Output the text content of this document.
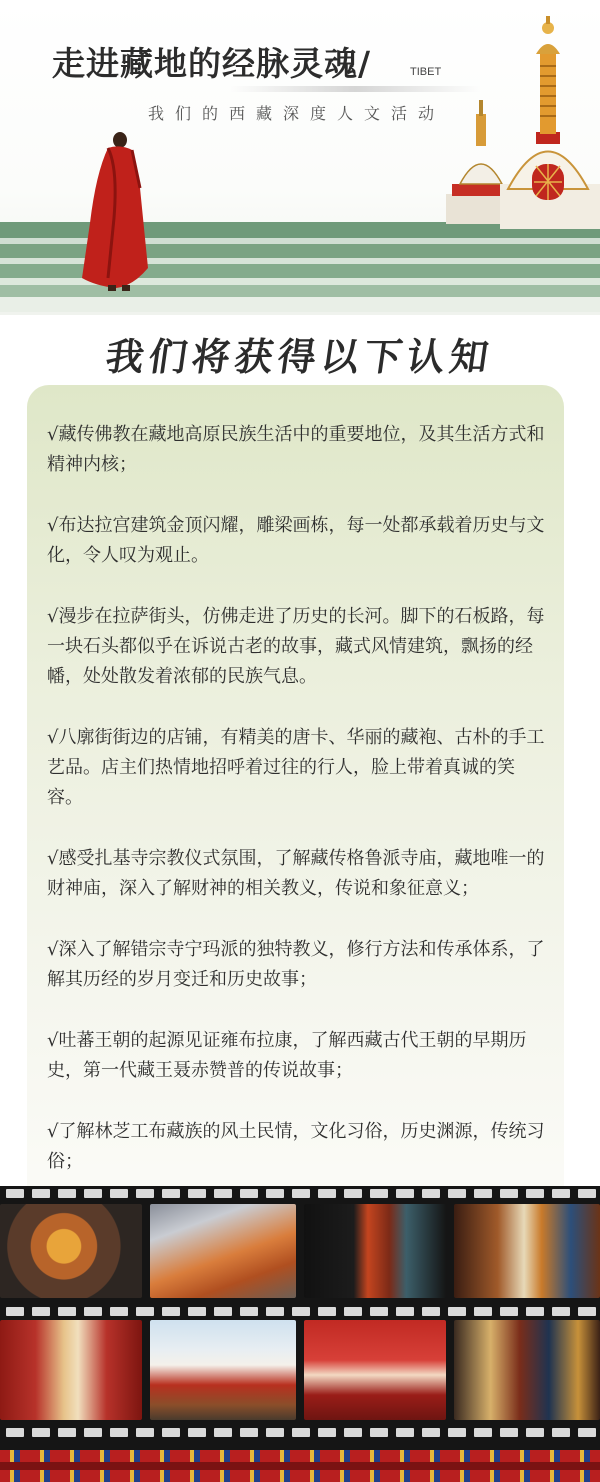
走进藏地的经脉灵魂/	TIBET
我们的西藏深度人文活动
我们将获得以下认知
√藏传佛教在藏地高原民族生活中的重要地位，及其生活方式和精神内核；
√布达拉宫建筑金顶闪耀，雕梁画栋，每一处都承载着历史与文化，令人叹为观止。
√漫步在拉萨街头，仿佛走进了历史的长河。脚下的石板路，每一块石头都似乎在诉说古老的故事，藏式风情建筑，飘扬的经幡，处处散发着浓郁的民族气息。
√八廓街街边的店铺，有精美的唐卡、华丽的藏袍、古朴的手工艺品。店主们热情地招呼着过往的行人，脸上带着真诚的笑容。
√感受扎基寺宗教仪式氛围，了解藏传格鲁派寺庙，藏地唯一的财神庙，深入了解财神的相关教义，传说和象征意义；
√深入了解错宗寺宁玛派的独特教义，修行方法和传承体系，了解其历经的岁月变迁和历史故事；
√吐蕃王朝的起源见证雍布拉康，了解西藏古代王朝的早期历史，第一代藏王聂赤赞普的传说故事；
√了解林芝工布藏族的风土民情，文化习俗，历史渊源，传统习俗；
